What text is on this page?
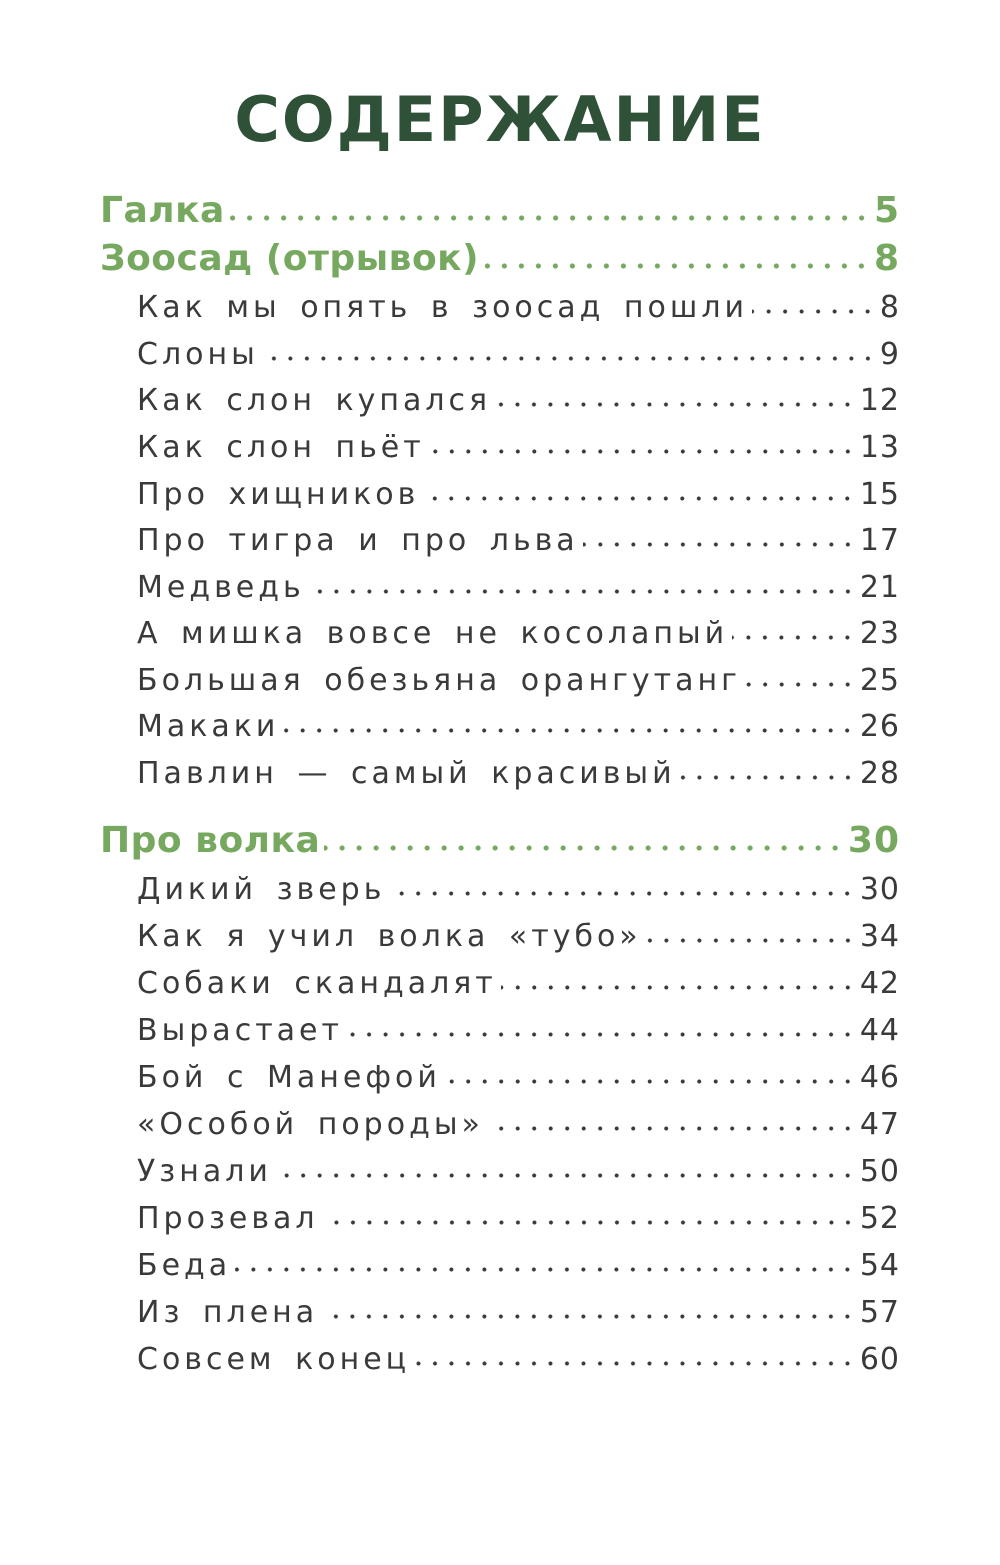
СОДЕРЖАНИЕ
Галка	5
Зоосад (отрывок)	8
Как мы опять в зоосад пошли	8
Слоны	9
Как слон купался	12
Как слон пьёт	13
Про хищников	15
Про тигра и про льва	17
Медведь	21
А мишка вовсе не косолапый	23
Большая обезьяна орангутанг	25
Макаки	26
Павлин — самый красивый	28
Про волка	30
Дикий зверь	30
Как я учил волка «тубо»	34
Собаки скандалят	42
Вырастает	44
Бой с Манефой	46
«Особой породы»	47
Узнали	50
Прозевал	52
Беда	54
Из плена	57
Совсем конец	60
